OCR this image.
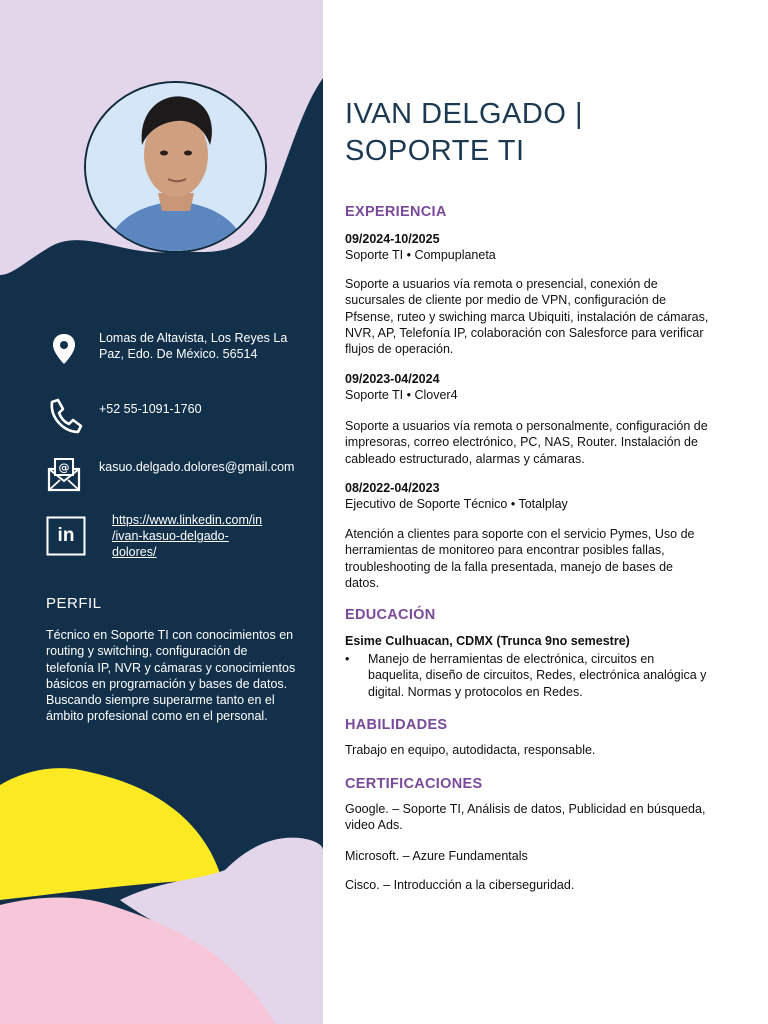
Lomas de Altavista, Los Reyes La
Paz, Edo. De México. 56514
+52 55-1091-1760
@ kasuo.delgado.dolores@gmail.com
in
https://www.linkedin.com/in
/ivan-kasuo-delgado-
dolores/
PERFIL
Técnico en Soporte TI con conocimientos en
routing y switching, configuración de
telefonía IP, NVR y cámaras y conocimientos
básicos en programación y bases de datos.
Buscando siempre superarme tanto en el
ámbito profesional como en el personal.
IVAN DELGADO |
SOPORTE TI
EXPERIENCIA
09/2024-10/2025
Soporte TI • Compuplaneta
Soporte a usuarios vía remota o presencial, conexión de
sucursales de cliente por medio de VPN, configuración de
Pfsense, ruteo y swiching marca Ubiquiti, instalación de cámaras,
NVR, AP, Telefonía IP, colaboración con Salesforce para verificar
flujos de operación.
09/2023-04/2024
Soporte TI • Clover4
Soporte a usuarios vía remota o personalmente, configuración de
impresoras, correo electrónico, PC, NAS, Router. Instalación de
cableado estructurado, alarmas y cámaras.
08/2022-04/2023
Ejecutivo de Soporte Técnico • Totalplay
Atención a clientes para soporte con el servicio Pymes, Uso de
herramientas de monitoreo para encontrar posibles fallas,
troubleshooting de la falla presentada, manejo de bases de
datos.
EDUCACIÓN
Esime Culhuacan, CDMX (Trunca 9no semestre)
• Manejo de herramientas de electrónica, circuitos en
baquelita, diseño de circuitos, Redes, electrónica analógica y
digital. Normas y protocolos en Redes.
HABILIDADES
Trabajo en equipo, autodidacta, responsable.
CERTIFICACIONES
Google. – Soporte TI, Análisis de datos, Publicidad en búsqueda,
video Ads.
Microsoft. – Azure Fundamentals
Cisco. – Introducción a la ciberseguridad.
